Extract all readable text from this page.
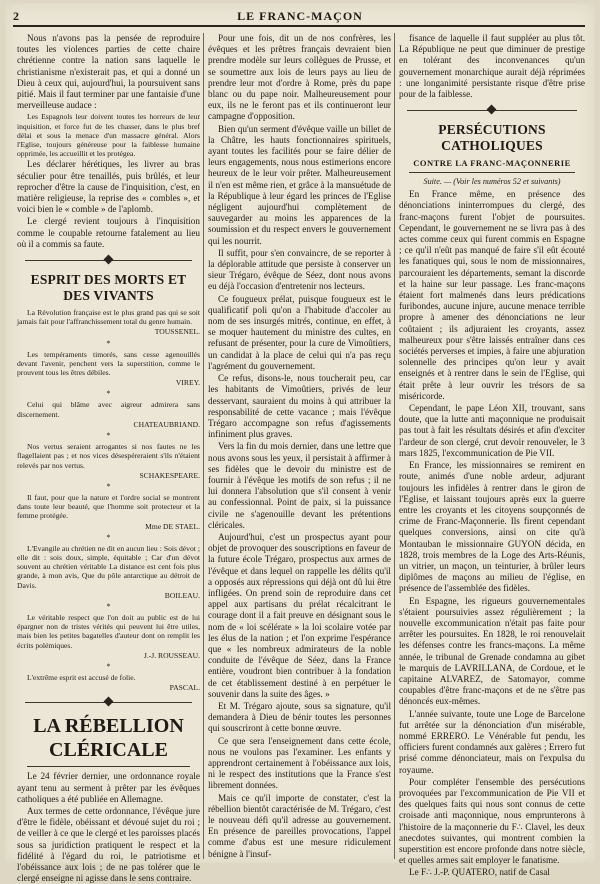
2	LE FRANC-MAÇON

Nous n'avons pas la pensée de reproduire toutes les violences parties de cette chaire chrétienne contre la nation sans laquelle le christianisme n'existerait pas, et qui a donné un Dieu à ceux qui, aujourd'hui, la poursuivent sans pitié. Mais il faut terminer par une fantaisie d'une merveilleuse audace :

Les Espagnols leur doivent toutes les horreurs de leur inquisition, et force fut de les chasser, dans le plus bref délai et sous la menace d'un massacre général. Alors l'Eglise, toujours généreuse pour la faiblesse humaine opprimée, les accueillit et les protégea.

Les déclarer hérétiques, les livrer au bras séculier pour être tenaillés, puis brûlés, et leur reprocher d'être la cause de l'inquisition, c'est, en matière religieuse, la reprise des « combles », et voici bien le « comble » de l'aplomb.

Le clergé revient toujours à l'inquisition comme le coupable retourne fatalement au lieu où il a commis sa faute.

ESPRIT DES MORTS ET DES VIVANTS

La Révolution française est le plus grand pas qui se soit jamais fait pour l'affranchissement total du genre humain.

TOUSSENEL.
*

Les tempéraments timorés, sans cesse agenouillés devant l'avenir, penchent vers la superstition, comme le prouvent tous les êtres débiles.

VIREY.
*

Celui qui blâme avec aigreur admirera sans discernement.

CHATEAUBRIAND.
*

Nos vertus seraient arrogantes si nos fautes ne les flagellaient pas ; et nos vices désespéreraient s'ils n'étaient relevés par nos vertus.

SCHAKESPEARE.
*

Il faut, pour que la nature et l'ordre social se montrent dans toute leur beauté, que l'homme soit protecteur et la femme protégée.

Mme DE STAEL.
*

L'Evangile au chrétien ne dit en aucun lieu : Sois dévot ; elle dit : sois doux, simple, équitable ; Car d'un dévot souvent au chrétien véritable La distance est cent fois plus grande, à mon avis, Que du pôle antarctique au détroit de Davis.

BOILEAU.
*

Le véritable respect que l'on doit au public est de lui épargner non de tristes vérités qui peuvent lui être utiles, mais bien les petites bagatelles d'auteur dont on remplit les écrits polémiques.

J.-J. ROUSSEAU.
*

L'extrême esprit est accusé de folie.

PASCAL.
LA RÉBELLION CLÉRICALE

Le 24 février dernier, une ordonnance royale ayant tenu au serment à prêter par les évêques catholiques a été publiée en Allemagne.

Aux termes de cette ordonnance, l'évêque jure d'être le fidèle, obéissant et dévoué sujet du roi ; de veiller à ce que le clergé et les paroisses placés sous sa juridiction pratiquent le respect et la fidélité à l'égard du roi, le patriotisme et l'obéissance aux lois ; de ne pas tolérer que le clergé enseigne ni agisse dans le sens contraire.

Pour une fois, dit un de nos confrères, les évêques et les prêtres français devraient bien prendre modèle sur leurs collègues de Prusse, et se soumettre aux lois de leurs pays au lieu de prendre leur mot d'ordre à Rome, près du pape blanc ou du pape noir. Malheureusement pour eux, ils ne le feront pas et ils continueront leur campagne d'opposition.

Bien qu'un serment d'évêque vaille un billet de la Châtre, les hauts fonctionnaires spirituels, ayant toutes les facilités pour se faire délier de leurs engagements, nous nous estimerions encore heureux de le leur voir prêter. Malheureusement il n'en est même rien, et grâce à la mansuétude de la République à leur égard les princes de l'Eglise négligent aujourd'hui complètement de sauvegarder au moins les apparences de la soumission et du respect envers le gouvernement qui les nourrit.

Il suffit, pour s'en convaincre, de se reporter à la déplorable attitude que persiste à conserver un sieur Trégaro, évêque de Séez, dont nous avons eu déjà l'occasion d'entretenir nos lecteurs.

Ce fougueux prélat, puisque fougueux est le qualificatif poli qu'on a l'habitude d'accoler au nom de ses insurgés mitrés, continue, en effet, à se moquer hautement du ministre des cultes, en refusant de présenter, pour la cure de Vimoûtiers, un candidat à la place de celui qui n'a pas reçu l'agrément du gouvernement.

Ce refus, disons-le, nous toucherait peu, car les habitants de Vimoûtiers, privés de leur desservant, sauraient du moins à qui attribuer la responsabilité de cette vacance ; mais l'évêque Trégaro accompagne son refus d'agissements infiniment plus graves.

Vers la fin du mois dernier, dans une lettre que nous avons sous les yeux, il persistait à affirmer à ses fidèles que le devoir du ministre est de fournir à l'évêque les motifs de son refus ; il ne lui donnera l'absolution que s'il consent à venir au confessionnal. Point de paix, si la puissance civile ne s'agenouille devant les prétentions cléricales.

Aujourd'hui, c'est un prospectus ayant pour objet de provoquer des souscriptions en faveur de la future école Trégaro, prospectus aux armes de l'évêque et dans lequel on rappelle les délits qu'il a opposés aux répressions qui déjà ont dû lui être infligées. On prend soin de reproduire dans cet appel aux partisans du prélat récalcitrant le courage dont il a fait preuve en désignant sous le nom de « loi scélérate » la loi scolaire votée par les élus de la nation ; et l'on exprime l'espérance que « les nombreux admirateurs de la noble conduite de l'évêque de Séez, dans la France entière, voudront bien contribuer à la fondation de cet établissement destiné à en perpétuer le souvenir dans la suite des âges. »

Et M. Trégaro ajoute, sous sa signature, qu'il demandera à Dieu de bénir toutes les personnes qui souscriront à cette bonne œuvre.

Ce que sera l'enseignement dans cette école, nous ne voulons pas l'examiner. Les enfants y apprendront certainement à l'obéissance aux lois, ni le respect des institutions que la France s'est librement données.

Mais ce qu'il importe de constater, c'est la rébellion bientôt caractérisée de M. Trégaro, c'est le nouveau défi qu'il adresse au gouvernement. En présence de pareilles provocations, l'appel comme d'abus est une mesure ridiculement bénigne à l'insuf-

fisance de laquelle il faut suppléer au plus tôt. La République ne peut que diminuer de prestige en tolérant des inconvenances qu'un gouvernement monarchique aurait déjà réprimées : une longanimité persistante risque d'être prise pour de la faiblesse.

PERSÉCUTIONS CATHOLIQUES
CONTRE LA FRANC-MAÇONNERIE
Suite. — (Voir les numéros 52 et suivants)

En France même, en présence des dénonciations ininterrompues du clergé, des franc-maçons furent l'objet de poursuites. Cependant, le gouvernement ne se livra pas à des actes comme ceux qui furent commis en Espagne ; ce qu'il n'eût pas manqué de faire s'il eût écouté les fanatiques qui, sous le nom de missionnaires, parcouraient les départements, semant la discorde et la haine sur leur passage. Les franc-maçons étaient fort malmenés dans leurs prédications furibondes, aucune injure, aucune menace terrible propre à amener des dénonciations ne leur coûtaient ; ils adjuraient les croyants, assez malheureux pour s'être laissés entraîner dans ces sociétés perverses et impies, à faire une abjuration solennelle des principes qu'on leur y avait enseignés et à rentrer dans le sein de l'Eglise, qui était prête à leur ouvrir les trésors de sa miséricorde.

Cependant, le pape Léon XII, trouvant, sans doute, que la lutte anti maçonnique ne produisait pas tout à fait les résultats désirés et afin d'exciter l'ardeur de son clergé, crut devoir renouveler, le 3 mars 1825, l'excommunication de Pie VII.

En France, les missionnaires se remirent en route, animés d'une noble ardeur, adjurant toujours les infidèles à rentrer dans le giron de l'Eglise, et laissant toujours après eux la guerre entre les croyants et les citoyens soupçonnés de crime de Franc-Maçonnerie. Ils firent cependant quelques conversions, ainsi on cite qu'à Montauban le missionnaire GUYON décida, en 1828, trois membres de la Loge des Arts-Réunis, un vitrier, un maçon, un teinturier, à brûler leurs diplômes de maçons au milieu de l'église, en présence de l'assemblée des fidèles.

En Espagne, les rigueurs gouvernementales s'étaient poursuivies assez régulièrement ; la nouvelle excommunication n'était pas faite pour arrêter les poursuites. En 1828, le roi renouvelait les défenses contre les francs-maçons. La même année, le tribunal de Grenade condamna au gibet le marquis de LAVRILLANA, de Cordoue, et le capitaine ALVAREZ, de Satomayor, comme coupables d'être franc-maçons et de ne s'être pas dénoncés eux-mêmes.

L'année suivante, toute une Loge de Barcelone fut arrêtée sur la dénonciation d'un misérable, nommé ERRERO. Le Vénérable fut pendu, les officiers furent condamnés aux galères ; Errero fut prisé comme dénonciateur, mais on l'expulsa du royaume.

Pour compléter l'ensemble des persécutions provoquées par l'excommunication de Pie VII et des quelques faits qui nous sont connus de cette croisade anti maçonnique, nous emprunterons à l'histoire de la maçonnerie du F∴ Clavel, les deux anecdotes suivantes, qui montrent combien la superstition est encore profonde dans notre siècle, et quelles armes sait employer le fanatisme.

Le F∴ J.-P. QUATERO, natif de Casal
